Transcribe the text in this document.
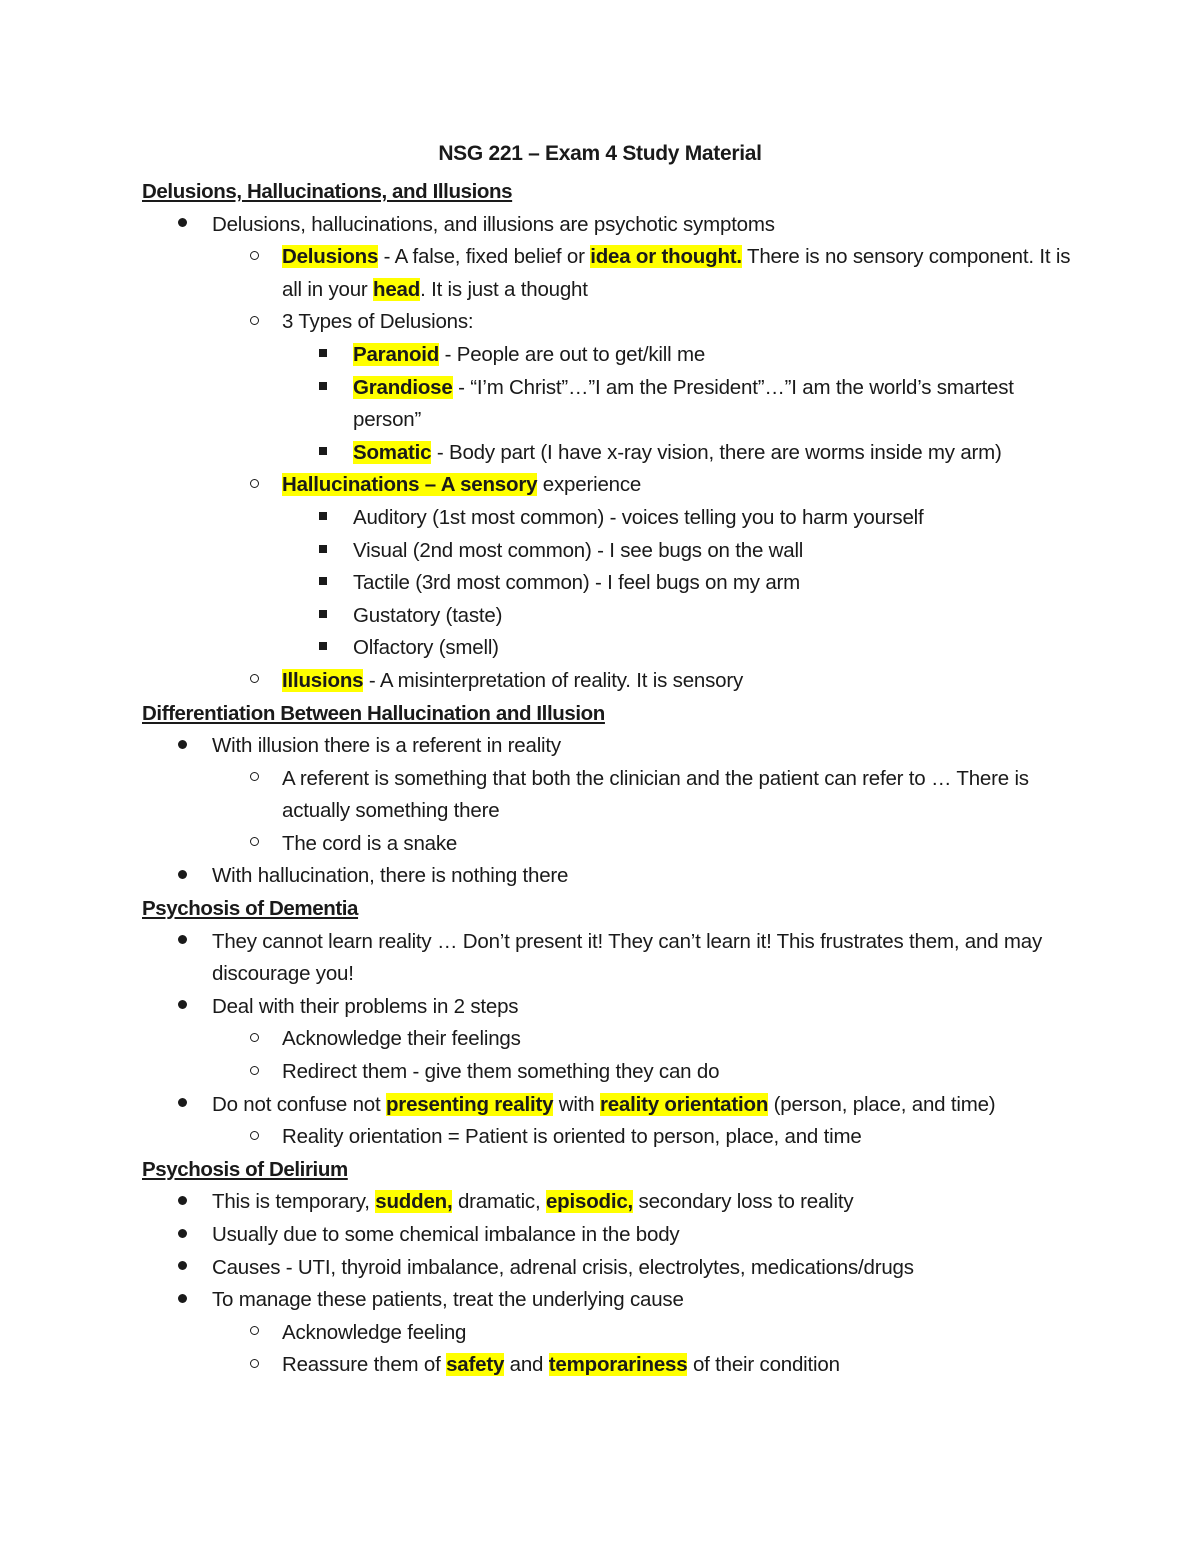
NSG 221 – Exam 4 Study Material
Delusions, Hallucinations, and Illusions
Delusions, hallucinations, and illusions are psychotic symptoms
Delusions - A false, fixed belief or idea or thought. There is no sensory component. It is all in your head. It is just a thought
3 Types of Delusions:
Paranoid - People are out to get/kill me
Grandiose - “I’m Christ”…”I am the President”…”I am the world’s smartest person”
Somatic - Body part (I have x-ray vision, there are worms inside my arm)
Hallucinations – A sensory experience
Auditory (1st most common) - voices telling you to harm yourself
Visual (2nd most common) - I see bugs on the wall
Tactile (3rd most common) - I feel bugs on my arm
Gustatory (taste)
Olfactory (smell)
Illusions - A misinterpretation of reality. It is sensory
Differentiation Between Hallucination and Illusion
With illusion there is a referent in reality
A referent is something that both the clinician and the patient can refer to … There is actually something there
The cord is a snake
With hallucination, there is nothing there
Psychosis of Dementia
They cannot learn reality … Don’t present it! They can’t learn it! This frustrates them, and may discourage you!
Deal with their problems in 2 steps
Acknowledge their feelings
Redirect them - give them something they can do
Do not confuse not presenting reality with reality orientation (person, place, and time)
Reality orientation = Patient is oriented to person, place, and time
Psychosis of Delirium
This is temporary, sudden, dramatic, episodic, secondary loss to reality
Usually due to some chemical imbalance in the body
Causes - UTI, thyroid imbalance, adrenal crisis, electrolytes, medications/drugs
To manage these patients, treat the underlying cause
Acknowledge feeling
Reassure them of safety and temporariness of their condition
